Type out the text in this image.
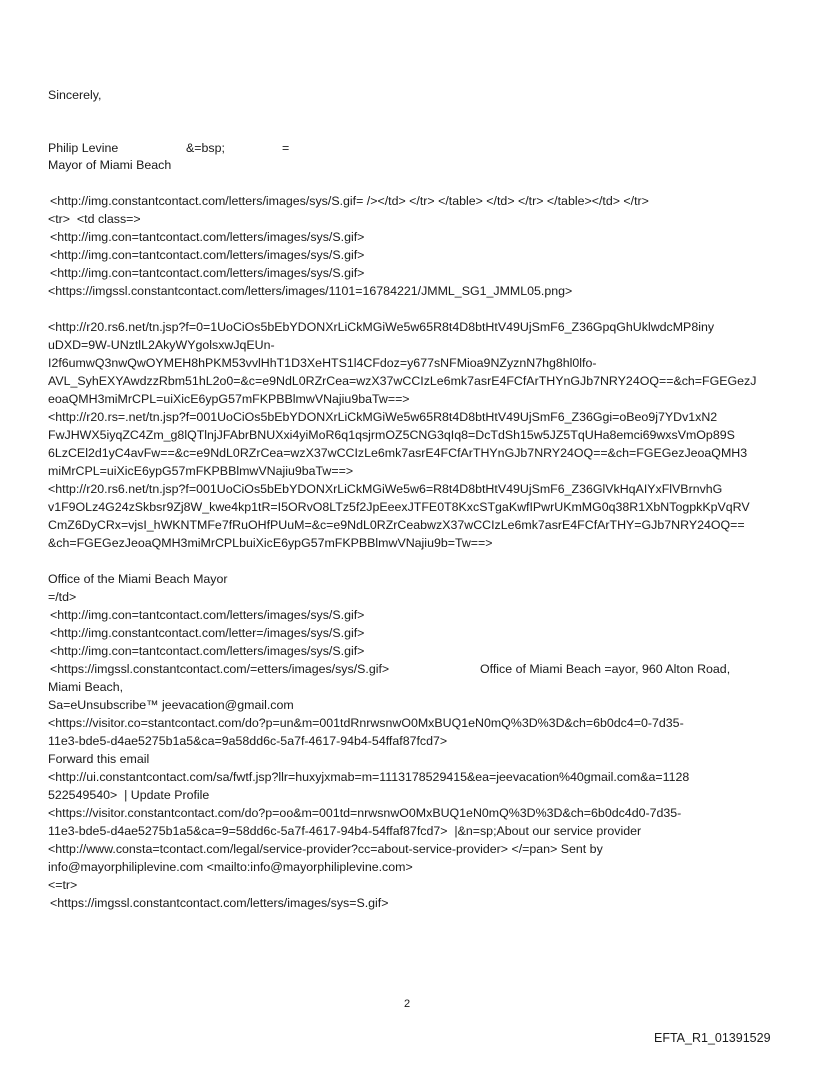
Sincerely,
Philip Levine	&=bsp;	=
Mayor of Miami Beach
<http://img.constantcontact.com/letters/images/sys/S.gif= /></td> </tr> </table> </td> </tr> </table></td> </tr>
<tr>  <td class=>
<http://img.con=tantcontact.com/letters/images/sys/S.gif>
<http://img.con=tantcontact.com/letters/images/sys/S.gif>
<http://img.con=tantcontact.com/letters/images/sys/S.gif>
<https://imgssl.constantcontact.com/letters/images/1101=16784221/JMML_SG1_JMML05.png>
<http://r20.rs6.net/tn.jsp?f=0=1UoCiOs5bEbYDONXrLiCkMGiWe5w65R8t4D8btHtV49UjSmF6_Z36GpqGhUklwdcMP8iny
uDXD=9W-UNztlL2AkyWYgolsxwJqEUn-
I2f6umwQ3nwQwOYMEH8hPKM53vvlHhT1D3XeHTS1l4CFdoz=y677sNFMioa9NZyznN7hg8hl0lfo-
AVL_SyhEXYAwdzzRbm51hL2o0=&c=e9NdL0RZrCea=wzX37wCCIzLe6mk7asrE4FCfArTHYnGJb7NRY24OQ==&ch=FGEGezJ
eoaQMH3miMrCPL=uiXicE6ypG57mFKPBBlmwVNajiu9baTw==>
<http://r20.rs=.net/tn.jsp?f=001UoCiOs5bEbYDONXrLiCkMGiWe5w65R8t4D8btHtV49UjSmF6_Z36Ggi=oBeo9j7YDv1xN2
FwJHWX5iyqZC4Zm_g8lQTlnjJFAbrBNUXxi4yiMoR6q1qsjrmOZ5CNG3qIq8=DcTdSh15w5JZ5TqUHa8emci69wxsVmOp89S
6LzCEl2d1yC4avFw==&c=e9NdL0RZrCea=wzX37wCCIzLe6mk7asrE4FCfArTHYnGJb7NRY24OQ==&ch=FGEGezJeoaQMH3
miMrCPL=uiXicE6ypG57mFKPBBlmwVNajiu9baTw==>
<http://r20.rs6.net/tn.jsp?f=001UoCiOs5bEbYDONXrLiCkMGiWe5w6=R8t4D8btHtV49UjSmF6_Z36GlVkHqAIYxFlVBrnvhG
v1F9OLz4G24zSkbsr9Zj8W_kwe4kp1tR=I5ORvO8LTz5f2JpEeexJTFE0T8KxcSTgaKwfIPwrUKmMG0q38R1XbNTogpkKpVqRV
CmZ6DyCRx=vjsI_hWKNTMFe7fRuOHfPUuM=&c=e9NdL0RZrCeabwzX37wCCIzLe6mk7asrE4FCfArTHY=GJb7NRY24OQ==
&ch=FGEGezJeoaQMH3miMrCPLbuiXicE6ypG57mFKPBBlmwVNajiu9b=Tw==>
Office of the Miami Beach Mayor
=/td>
<http://img.con=tantcontact.com/letters/images/sys/S.gif>
<http://img.constantcontact.com/letter=/images/sys/S.gif>
<http://img.con=tantcontact.com/letters/images/sys/S.gif>
<https://imgssl.constantcontact.com/=etters/images/sys/S.gif>	Office of Miami Beach =ayor, 960 Alton Road,
Miami Beach,
Sa=eUnsubscribe™ jeevacation@gmail.com
<https://visitor.co=stantcontact.com/do?p=un&m=001tdRnrwsnwO0MxBUQ1eN0mQ%3D%3D&ch=6b0dc4=0-7d35-
11e3-bde5-d4ae5275b1a5&ca=9a58dd6c-5a7f-4617-94b4-54ffaf87fcd7>
Forward this email
<http://ui.constantcontact.com/sa/fwtf.jsp?llr=huxyjxmab=m=1113178529415&ea=jeevacation%40gmail.com&a=1128
522549540>  | Update Profile
<https://visitor.constantcontact.com/do?p=oo&m=001td=nrwsnwO0MxBUQ1eN0mQ%3D%3D&ch=6b0dc4d0-7d35-
11e3-bde5-d4ae5275b1a5&ca=9=58dd6c-5a7f-4617-94b4-54ffaf87fcd7>  |&n=sp;About our service provider
<http://www.consta=tcontact.com/legal/service-provider?cc=about-service-provider> </=pan> Sent by
info@mayorphiliplevine.com <mailto:info@mayorphiliplevine.com>
<=tr>
<https://imgssl.constantcontact.com/letters/images/sys=S.gif>
2
EFTA_R1_01391529
